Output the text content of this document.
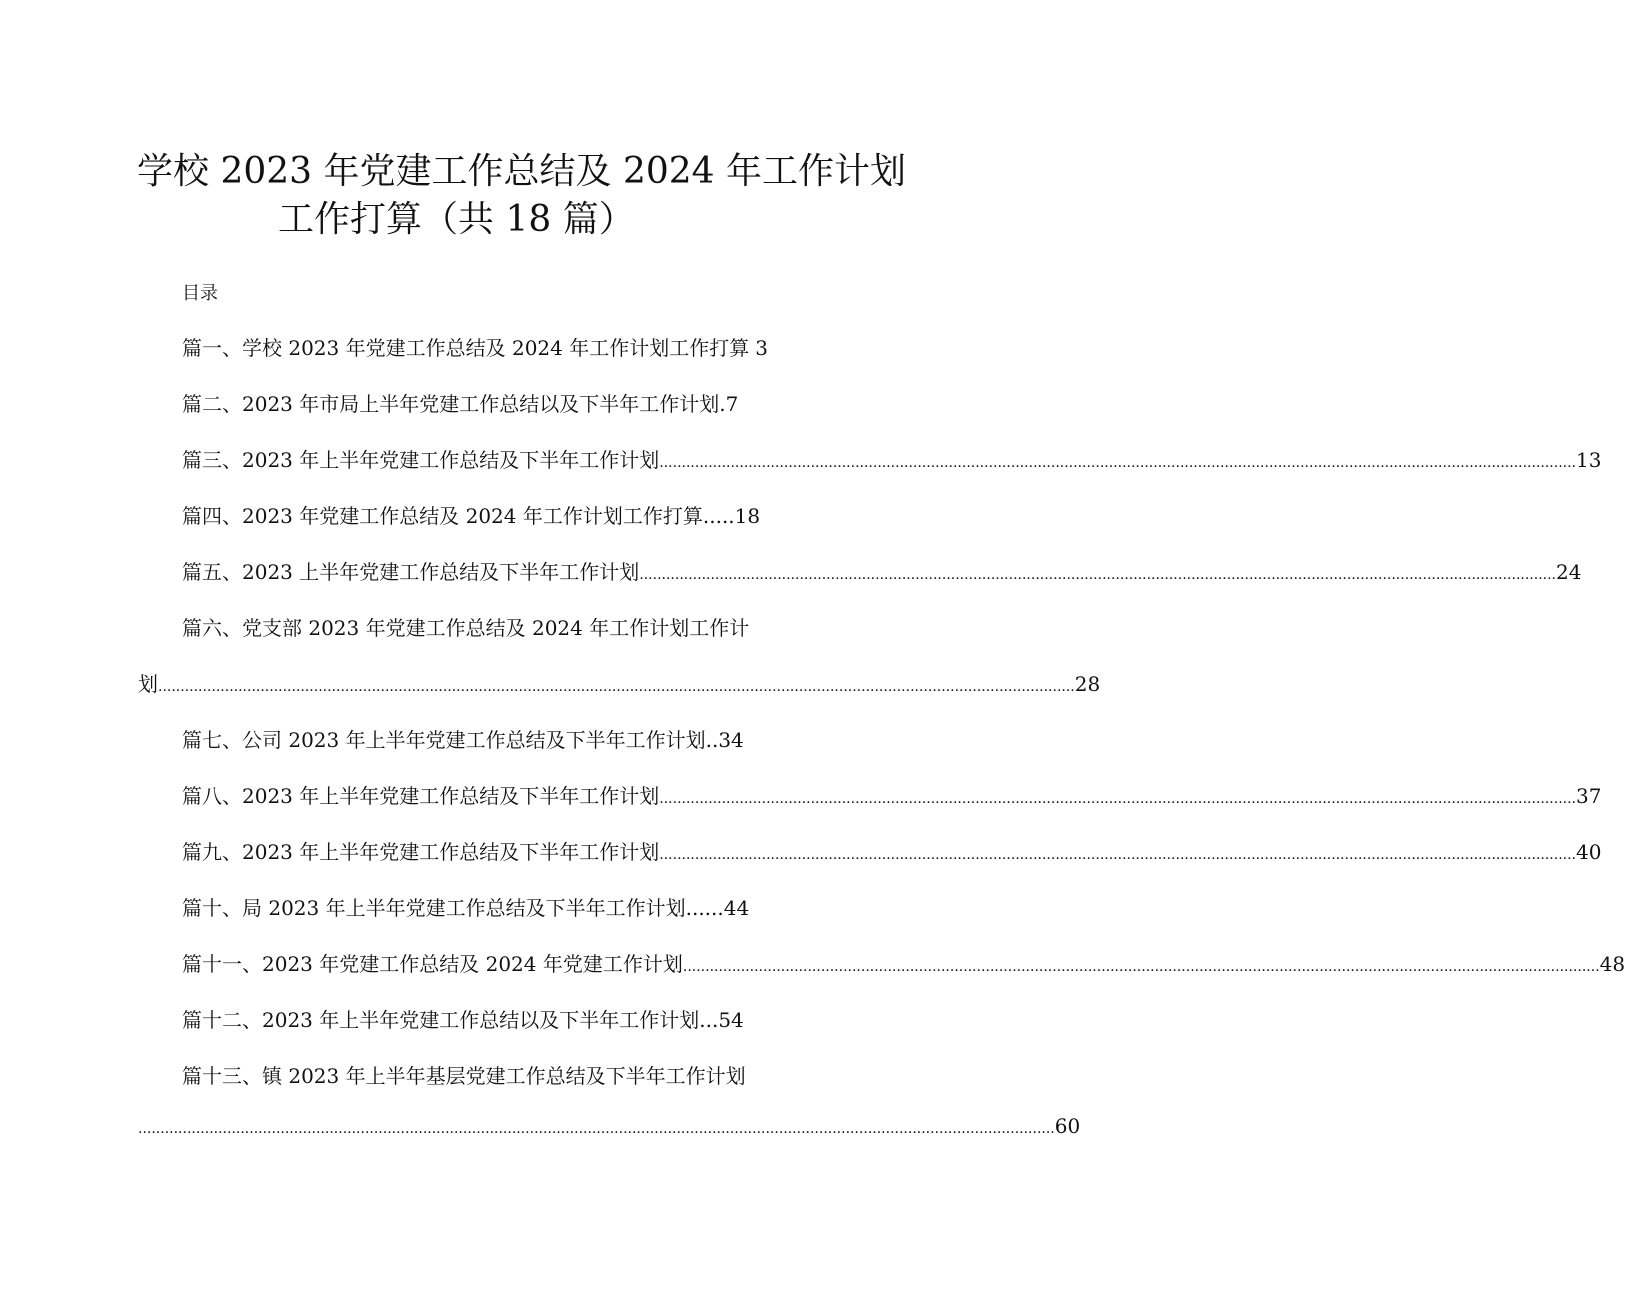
学校 2023 年党建工作总结及 2024 年工作计划
工作打算（共 18 篇）
目录
篇一、学校 2023 年党建工作总结及 2024 年工作计划工作打算 3
篇二、2023 年市局上半年党建工作总结以及下半年工作计划. 7
篇三、2023 年上半年党建工作总结及下半年工作计划 .............................................................................................................................................................................................................. 13
篇四、2023 年党建工作总结及 2024 年工作计划工作打算..... 18
篇五、2023 上半年党建工作总结及下半年工作计划 .............................................................................................................................................................................................................. 24
篇六、党支部 2023 年党建工作总结及 2024 年工作计划工作计
划 .............................................................................................................................................................................................................. 28
篇七、公司 2023 年上半年党建工作总结及下半年工作计划.. 34
篇八、2023 年上半年党建工作总结及下半年工作计划 .............................................................................................................................................................................................................. 37
篇九、2023 年上半年党建工作总结及下半年工作计划 .............................................................................................................................................................................................................. 40
篇十、局 2023 年上半年党建工作总结及下半年工作计划...... 44
篇十一、2023 年党建工作总结及 2024 年党建工作计划 .............................................................................................................................................................................................................. 48
篇十二、2023 年上半年党建工作总结以及下半年工作计划... 54
篇十三、镇 2023 年上半年基层党建工作总结及下半年工作计划
.............................................................................................................................................................................................................. 60
